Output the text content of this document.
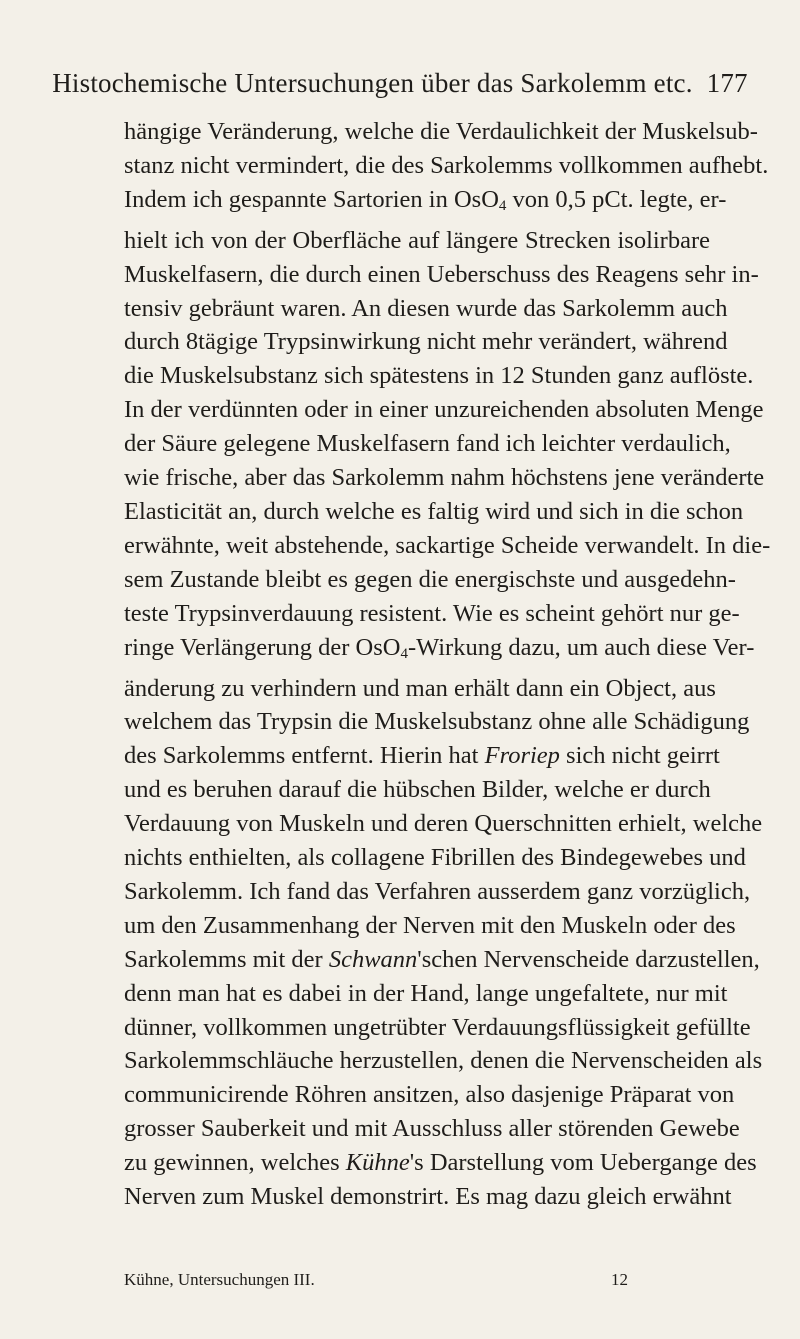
Histochemische Untersuchungen über das Sarkolemm etc. 177
hängige Veränderung, welche die Verdaulichkeit der Muskelsub-
stanz nicht vermindert, die des Sarkolemms vollkommen aufhebt.
Indem ich gespannte Sartorien in OsO$_4$ von 0,5 pCt. legte, er-
hielt ich von der Oberfläche auf längere Strecken isolirbare
Muskelfasern, die durch einen Ueberschuss des Reagens sehr in-
tensiv gebräunt waren. An diesen wurde das Sarkolemm auch
durch 8tägige Trypsinwirkung nicht mehr verändert, während
die Muskelsubstanz sich spätestens in 12 Stunden ganz auflöste.
In der verdünnten oder in einer unzureichenden absoluten Menge
der Säure gelegene Muskelfasern fand ich leichter verdaulich,
wie frische, aber das Sarkolemm nahm höchstens jene veränderte
Elasticität an, durch welche es faltig wird und sich in die schon
erwähnte, weit abstehende, sackartige Scheide verwandelt. In die-
sem Zustande bleibt es gegen die energischste und ausgedehn-
teste Trypsinverdauung resistent. Wie es scheint gehört nur ge-
ringe Verlängerung der OsO$_4$-Wirkung dazu, um auch diese Ver-
änderung zu verhindern und man erhält dann ein Object, aus
welchem das Trypsin die Muskelsubstanz ohne alle Schädigung
des Sarkolemms entfernt. Hierin hat Froriep sich nicht geirrt
und es beruhen darauf die hübschen Bilder, welche er durch
Verdauung von Muskeln und deren Querschnitten erhielt, welche
nichts enthielten, als collagene Fibrillen des Bindegewebes und
Sarkolemm. Ich fand das Verfahren ausserdem ganz vorzüglich,
um den Zusammenhang der Nerven mit den Muskeln oder des
Sarkolemms mit der Schwann'schen Nervenscheide darzustellen,
denn man hat es dabei in der Hand, lange ungefaltete, nur mit
dünner, vollkommen ungetrübter Verdauungsflüssigkeit gefüllte
Sarkolemmschläuche herzustellen, denen die Nervenscheiden als
communicirende Röhren ansitzen, also dasjenige Präparat von
grosser Sauberkeit und mit Ausschluss aller störenden Gewebe
zu gewinnen, welches Kühne's Darstellung vom Uebergange des
Nerven zum Muskel demonstrirt. Es mag dazu gleich erwähnt
Kühne, Untersuchungen III.	12
